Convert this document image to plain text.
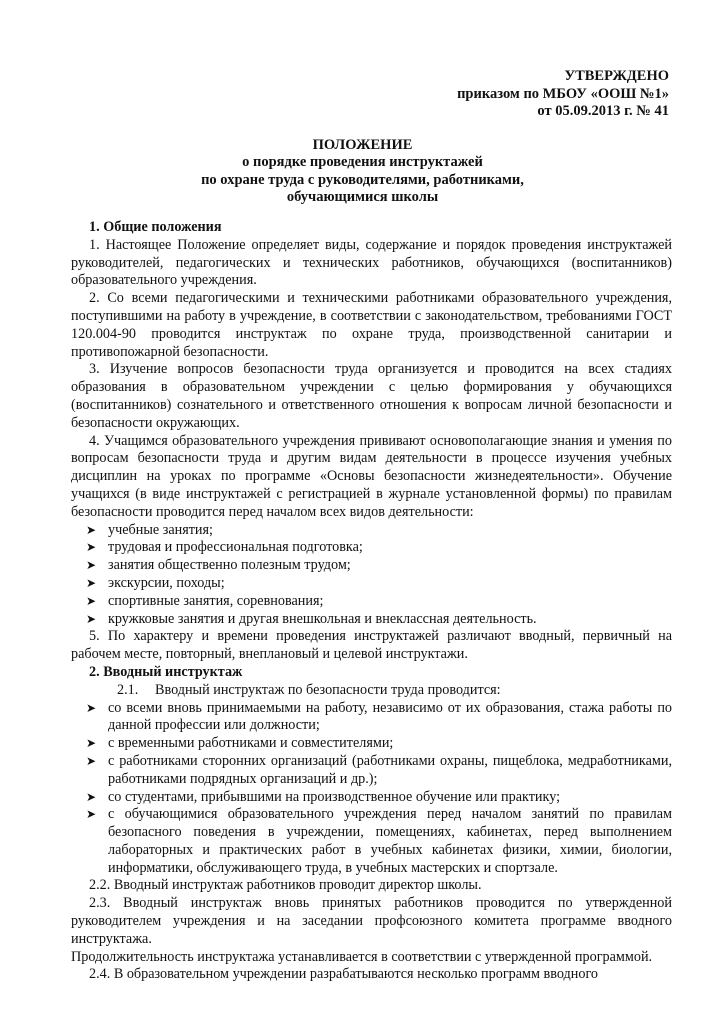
УТВЕРЖДЕНО
приказом по МБОУ «ООШ №1»
от 05.09.2013 г. № 41
ПОЛОЖЕНИЕ
о порядке проведения инструктажей
по охране труда с руководителями, работниками,
обучающимися школы

1. Общие положения

1. Настоящее Положение определяет виды, содержание и порядок проведения инструктажей руководителей, педагогических и технических работников, обучающихся (воспитанников) образовательного учреждения.

2. Со всеми педагогическими и техническими работниками образовательного учреждения, поступившими на работу в учреждение, в соответствии с законодательством, требованиями ГОСТ 120.004-90 проводится инструктаж по охране труда, производственной санитарии и противопожарной безопасности.

3. Изучение вопросов безопасности труда организуется и проводится на всех стадиях образования в образовательном учреждении с целью формирования у обучающихся (воспитанников) сознательного и ответственного отношения к вопросам личной безопасности и безопасности окружающих.

4. Учащимся образовательного учреждения прививают основополагающие знания и умения по вопросам безопасности труда и другим видам деятельности в процессе изучения учебных дисциплин на уроках по программе «Основы безопасности жизнедеятельности». Обучение учащихся (в виде инструктажей с регистрацией в журнале установленной формы) по правилам безопасности проводится перед началом всех видов деятельности:

➤ учебные занятия;
➤ трудовая и профессиональная подготовка;
➤ занятия общественно полезным трудом;
➤ экскурсии, походы;
➤ спортивные занятия, соревнования;
➤ кружковые занятия и другая внешкольная и внеклассная деятельность.

5. По характеру и времени проведения инструктажей различают вводный, первичный на рабочем месте, повторный, внеплановый и целевой инструктажи.

2. Вводный инструктаж

2.1. Вводный инструктаж по безопасности труда проводится:

➤ со всеми вновь принимаемыми на работу, независимо от их образования, стажа работы по данной профессии или должности;
➤ с временными работниками и совместителями;
➤ с работниками сторонних организаций (работниками охраны, пищеблока, медработниками, работниками подрядных организаций и др.);
➤ со студентами, прибывшими на производственное обучение или практику;
➤ с обучающимися образовательного учреждения перед началом занятий по правилам безопасного поведения в учреждении, помещениях, кабинетах, перед выполнением лабораторных и практических работ в учебных кабинетах физики, химии, биологии, информатики, обслуживающего труда, в учебных мастерских и спортзале.

2.2. Вводный инструктаж работников проводит директор школы.

2.3. Вводный инструктаж вновь принятых работников проводится по утвержденной руководителем учреждения и на заседании профсоюзного комитета программе вводного инструктажа.

Продолжительность инструктажа устанавливается в соответствии с утвержденной программой.

2.4. В образовательном учреждении разрабатываются несколько программ вводного
